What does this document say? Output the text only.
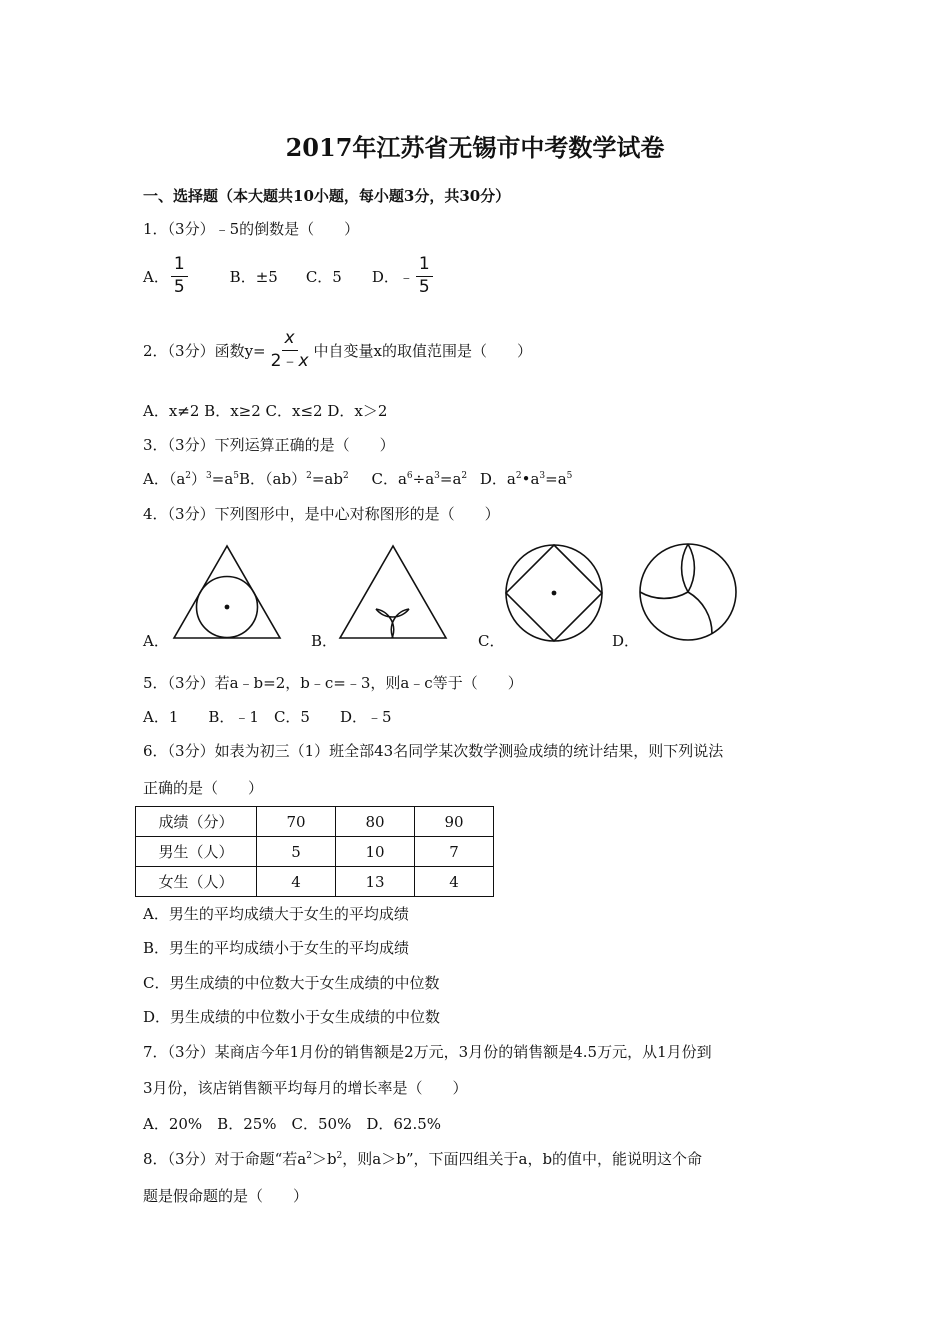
2017年江苏省无锡市中考数学试卷
一、选择题（本大题共10小题，每小题3分，共30分）
1．（3分）﹣5的倒数是（　　）
A． $\frac{1}{5}$	B．±5 C．5 D．﹣ $\frac{1}{5}$
2．（3分）函数$y= \frac{x}{2﹣x}$ 中自变量x的取值范围是（　　）
A．x≠2 B．x≥2 C．x≤2 D．x＞2
3．（3分）下列运算正确的是（　　）
A．$(a^2)^3=a^5B$．$(ab)^2=ab^2$ C．$a^6\div a^3=a^2$ D．$a^2•a^3=a^5$
4．（3分）下列图形中，是中心对称图形的是（　　）
A．	B．	C．	D．
5．（3分）若a﹣b=2，b﹣c=﹣3，则a﹣c等于（　　）
A．1　　B．﹣1　C．5　　D．﹣5
6．（3分）如表为初三（1）班全部43名同学某次数学测验成绩的统计结果，则下列说法
正确的是（　　）
成绩（分）	70	80	90
男生（人）	5	10	7
女生（人）	4	13	4
A．男生的平均成绩大于女生的平均成绩
B．男生的平均成绩小于女生的平均成绩
C．男生成绩的中位数大于女生成绩的中位数
D．男生成绩的中位数小于女生成绩的中位数
7．（3分）某商店今年1月份的销售额是2万元，3月份的销售额是4.5万元，从1月份到
3月份，该店销售额平均每月的增长率是（　　）
A．20%　B．25%　C．50%　D．62.5%
8．（3分）对于命题“若$a^2>b^2$，则a＞b”，下面四组关于a，b的值中，能说明这个命
题是假命题的是（　　）
